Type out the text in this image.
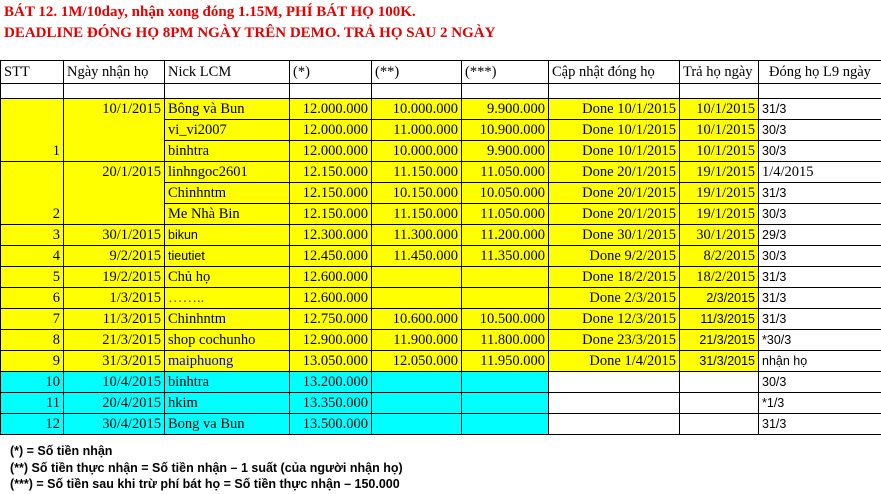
BÁT 12. 1M/10day, nhận xong đóng 1.15M, PHÍ BÁT HỌ 100K.
DEADLINE ĐÓNG HỌ 8PM NGÀY TRÊN DEMO. TRẢ HỌ SAU 2 NGÀY
STT	Ngày nhận họ	Nick LCM	(*)	(**)	(***)	Cập nhật đóng họ	Trả họ ngày	Đóng họ L9 ngày

1	10/1/2015	Bông và Bun	12.000.000	10.000.000	9.900.000	Done 10/1/2015	10/1/2015	31/3
		vi_vi2007	12.000.000	11.000.000	10.900.000	Done 10/1/2015	10/1/2015	30/3
		binhtra	12.000.000	10.000.000	9.900.000	Done 10/1/2015	10/1/2015	30/3
2	20/1/2015	linhngoc2601	12.150.000	11.150.000	11.050.000	Done 20/1/2015	19/1/2015	1/4/2015
		Chinhntm	12.150.000	10.150.000	10.050.000	Done 20/1/2015	19/1/2015	31/3
		Me Nhà Bin	12.150.000	11.150.000	11.050.000	Done 20/1/2015	19/1/2015	30/3
3	30/1/2015	bikun	12.300.000	11.300.000	11.200.000	Done 30/1/2015	30/1/2015	29/3
4	9/2/2015	tieutiet	12.450.000	11.450.000	11.350.000	Done 9/2/2015	8/2/2015	30/3
5	19/2/2015	Chủ họ	12.600.000			Done 18/2/2015	18/2/2015	31/3
6	1/3/2015	……..	12.600.000			Done 2/3/2015	2/3/2015	31/3
7	11/3/2015	Chinhntm	12.750.000	10.600.000	10.500.000	Done 12/3/2015	11/3/2015	31/3
8	21/3/2015	shop cochunho	12.900.000	11.900.000	11.800.000	Done 23/3/2015	21/3/2015	*30/3
9	31/3/2015	maiphuong	13.050.000	12.050.000	11.950.000	Done 1/4/2015	31/3/2015	nhận họ
10	10/4/2015	binhtra	13.200.000					30/3
11	20/4/2015	hkim	13.350.000					*1/3
12	30/4/2015	Bong va Bun	13.500.000					31/3
(*) = Số tiền nhận
(**) Số tiền thực nhận = Số tiền nhận – 1 suất (của người nhận họ)
(***) = Số tiền sau khi trừ phí bát họ = Số tiền thực nhận – 150.000
